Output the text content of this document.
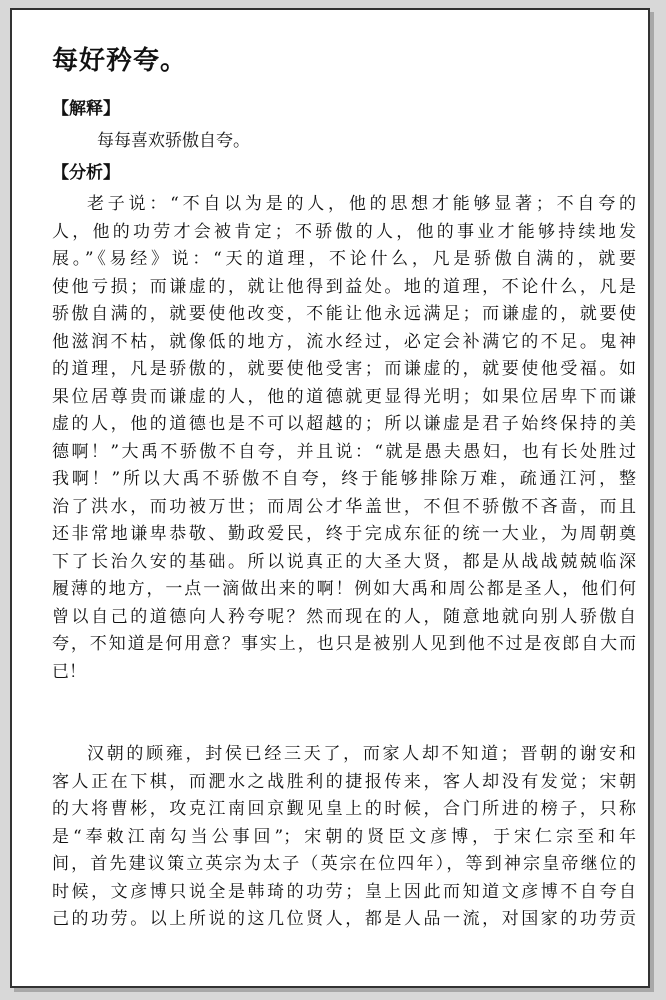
每好矜夸。
【解释】
每每喜欢骄傲自夸。
【分析】
老子说：“不自以为是的人，他的思想才能够显著；不自夸的
人，他的功劳才会被肯定；不骄傲的人，他的事业才能够持续地发
展。”《易经》说：“天的道理，不论什么，凡是骄傲自满的，就要
使他亏损；而谦虚的，就让他得到益处。地的道理，不论什么，凡是
骄傲自满的，就要使他改变，不能让他永远满足；而谦虚的，就要使
他滋润不枯，就像低的地方，流水经过，必定会补满它的不足。鬼神
的道理，凡是骄傲的，就要使他受害；而谦虚的，就要使他受福。如
果位居尊贵而谦虚的人，他的道德就更显得光明；如果位居卑下而谦
虚的人，他的道德也是不可以超越的；所以谦虚是君子始终保持的美
德啊！”大禹不骄傲不自夸，并且说：“就是愚夫愚妇，也有长处胜过
我啊！”所以大禹不骄傲不自夸，终于能够排除万难，疏通江河，整
治了洪水，而功被万世；而周公才华盖世，不但不骄傲不吝啬，而且
还非常地谦卑恭敬、勤政爱民，终于完成东征的统一大业，为周朝奠
下了长治久安的基础。所以说真正的大圣大贤，都是从战战兢兢临深
履薄的地方，一点一滴做出来的啊！例如大禹和周公都是圣人，他们何
曾以自己的道德向人矜夸呢？然而现在的人，随意地就向别人骄傲自
夸，不知道是何用意？事实上，也只是被别人见到他不过是夜郎自大而
已！
汉朝的顾雍，封侯已经三天了，而家人却不知道；晋朝的谢安和
客人正在下棋，而淝水之战胜利的捷报传来，客人却没有发觉；宋朝
的大将曹彬，攻克江南回京觐见皇上的时候，合门所进的榜子，只称
是“奉敕江南勾当公事回”；宋朝的贤臣文彦博，于宋仁宗至和年
间，首先建议策立英宗为太子（英宗在位四年），等到神宗皇帝继位的
时候，文彦博只说全是韩琦的功劳；皇上因此而知道文彦博不自夸自
己的功劳。以上所说的这几位贤人，都是人品一流，对国家的功劳贡
